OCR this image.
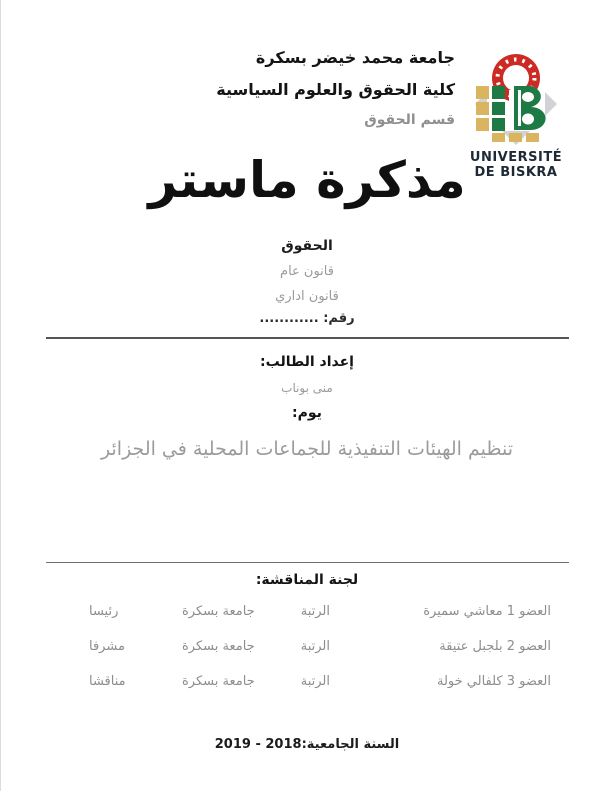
جامعة محمد خيضر بسكرة

كلية الحقوق والعلوم السياسية

قسم الحقوق

UNIVERSITÉ
DE BISKRA
مذكرة ماستر
الحقوق
قانون عام
قانون اداري
رقم: ............
إعداد الطالب:
منى بوناب
يوم:
تنظيم الهيئات التنفيذية للجماعات المحلية في الجزائر
لجنة المناقشة:
العضو 1 معاشي سميرة
الرتبة
جامعة بسكرة
رئيسا
العضو 2 بلجبل عتيقة
الرتبة
جامعة بسكرة
مشرفا
العضو 3 كلفالي خولة
الرتبة
جامعة بسكرة
مناقشا
السنة الجامعية:2018 - 2019
